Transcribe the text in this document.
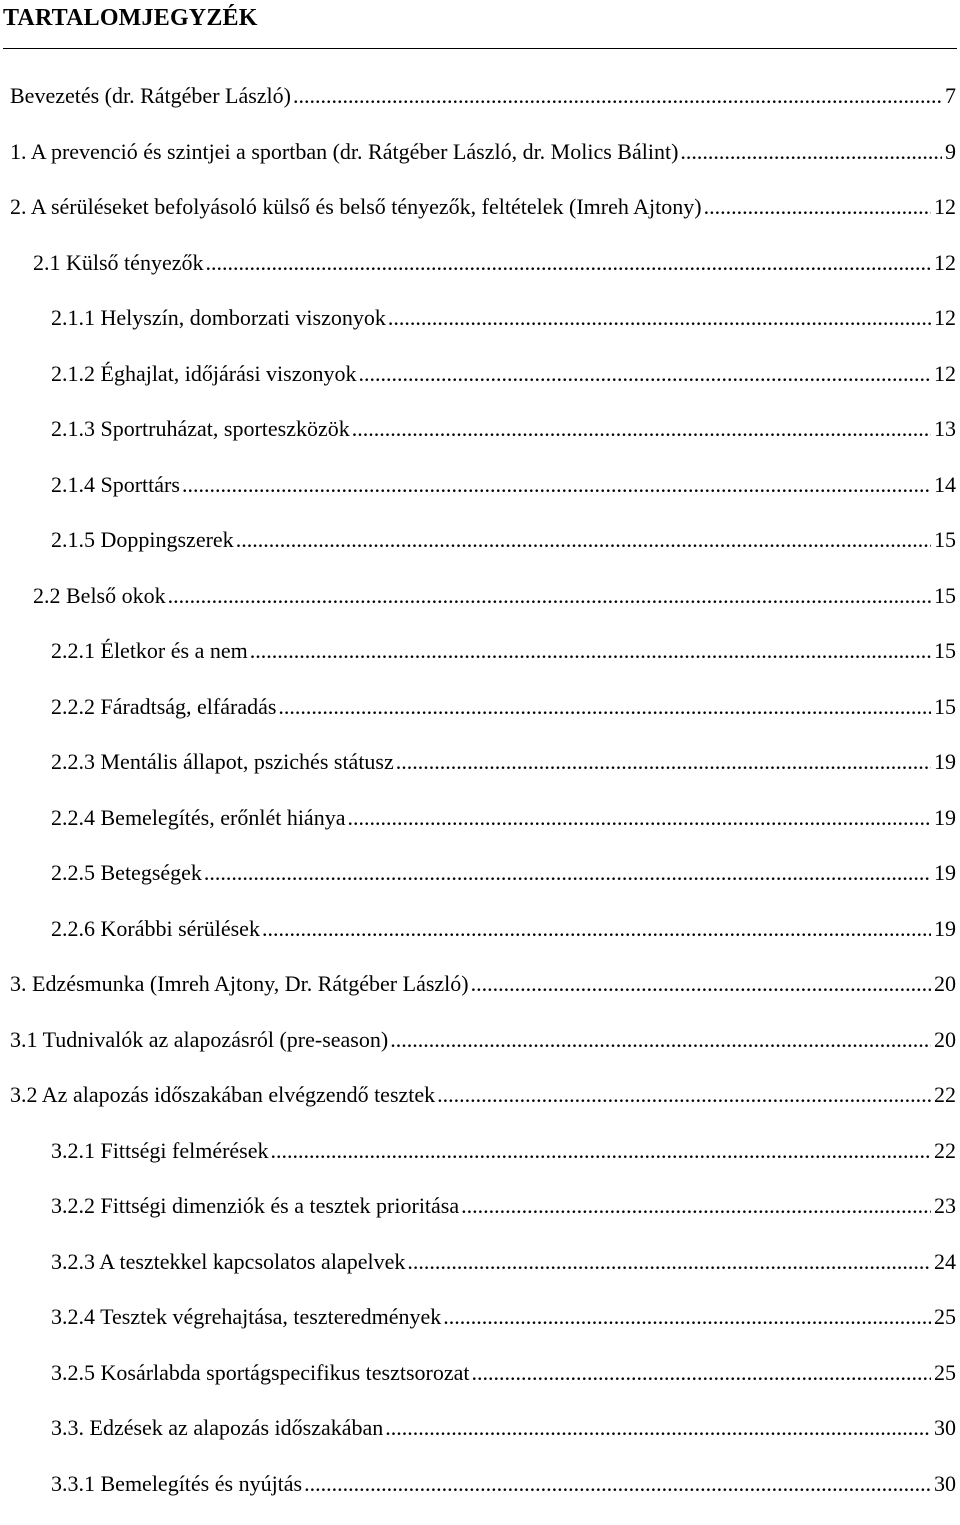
TARTALOMJEGYZÉK
Bevezetés (dr. Rátgéber László) .....	7
1. A prevenció és szintjei a sportban (dr. Rátgéber László, dr. Molics Bálint) .....	9
2. A sérüléseket befolyásoló külső és belső tényezők, feltételek (Imreh Ajtony) .....	12
2.1 Külső tényezők .....	12
2.1.1 Helyszín, domborzati viszonyok .....	12
2.1.2 Éghajlat, időjárási viszonyok .....	12
2.1.3 Sportruházat, sporteszközök .....	13
2.1.4 Sporttárs .....	14
2.1.5 Doppingszerek .....	15
2.2 Belső okok .....	15
2.2.1 Életkor és a nem .....	15
2.2.2 Fáradtság, elfáradás .....	15
2.2.3 Mentális állapot, pszichés státusz .....	19
2.2.4 Bemelegítés, erőnlét hiánya .....	19
2.2.5 Betegségek .....	19
2.2.6 Korábbi sérülések .....	19
3. Edzésmunka (Imreh Ajtony, Dr. Rátgéber László) .....	20
3.1 Tudnivalók az alapozásról (pre-season) .....	20
3.2 Az alapozás időszakában elvégzendő tesztek .....	22
3.2.1 Fittségi felmérések .....	22
3.2.2 Fittségi dimenziók és a tesztek prioritása .....	23
3.2.3 A tesztekkel kapcsolatos alapelvek .....	24
3.2.4 Tesztek végrehajtása, teszteredmények .....	25
3.2.5 Kosárlabda sportágspecifikus tesztsorozat .....	25
3.3. Edzések az alapozás időszakában .....	30
3.3.1 Bemelegítés és nyújtás .....	30
